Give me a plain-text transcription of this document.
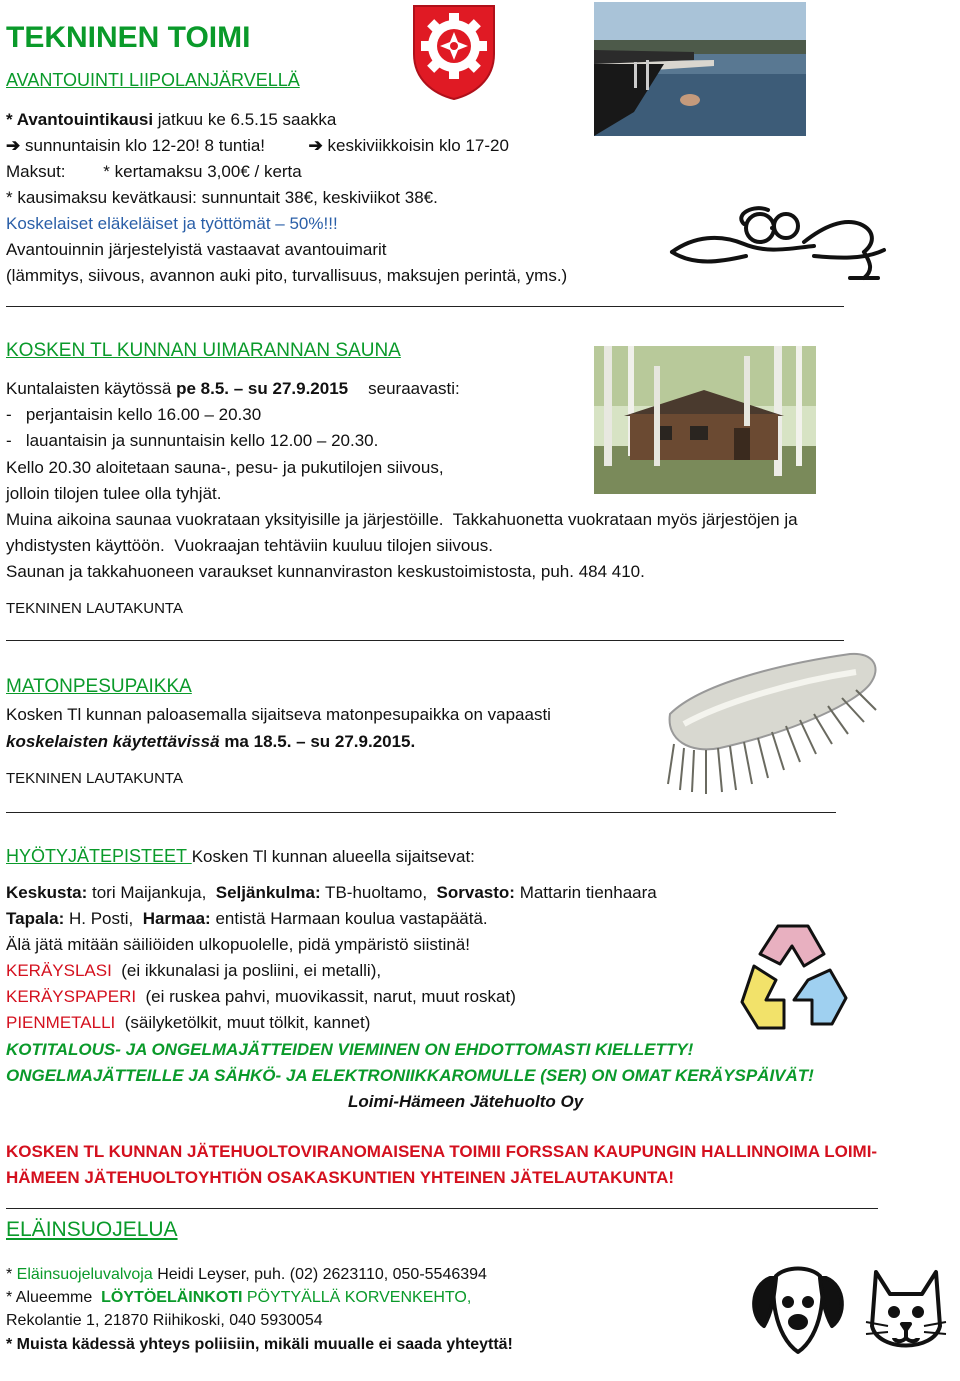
TEKNINEN TOIMI
AVANTOUINTI LIIPOLANJÄRVELLÄ
* Avantouintikausi jatkuu ke 6.5.15 saakka
➔ sunnuntaisin klo 12-20! 8 tuntia!	➔ keskiviikkoisin klo 17-20
Maksut:        * kertamaksu 3,00€ / kerta
* kausimaksu kevätkausi: sunnuntait 38€, keskiviikot 38€.
Koskelaiset eläkeläiset ja työttömät – 50%!!!
Avantouinnin järjestelyistä vastaavat avantouimarit
(lämmitys, siivous, avannon auki pito, turvallisuus, maksujen perintä, yms.)
KOSKEN TL KUNNAN UIMARANNAN SAUNA
Kuntalaisten käytössä pe 8.5. – su 27.9.2015 seuraavasti:
-   perjantaisin kello 16.00 – 20.30
-   lauantaisin ja sunnuntaisin kello 12.00 – 20.30.
Kello 20.30 aloitetaan sauna-, pesu- ja pukutilojen siivous,
jolloin tilojen tulee olla tyhjät.
Muina aikoina saunaa vuokrataan yksityisille ja järjestöille.  Takkahuonetta vuokrataan myös järjestöjen ja
yhdistysten käyttöön.  Vuokraajan tehtäviin kuuluu tilojen siivous.
Saunan ja takkahuoneen varaukset kunnanviraston keskustoimistosta, puh. 484 410.
TEKNINEN LAUTAKUNTA
MATONPESUPAIKKA
Kosken Tl kunnan paloasemalla sijaitseva matonpesupaikka on vapaasti
koskelaisten käytettävissä ma 18.5. – su 27.9.2015.
TEKNINEN LAUTAKUNTA
HYÖTYJÄTEPISTEET Kosken Tl kunnan alueella sijaitsevat:
Keskusta: tori Maijankuja,  Seljänkulma: TB-huoltamo,  Sorvasto: Mattarin tienhaara
Tapala: H. Posti,  Harmaa: entistä Harmaan koulua vastapäätä.
Älä jätä mitään säiliöiden ulkopuolelle, pidä ympäristö siistinä!
KERÄYSLASI  (ei ikkunalasi ja posliini, ei metalli),
KERÄYSPAPERI  (ei ruskea pahvi, muovikassit, narut, muut roskat)
PIENMETALLI  (säilyketölkit, muut tölkit, kannet)
KOTITALOUS- JA ONGELMAJÄTTEIDEN VIEMINEN ON EHDOTTOMASTI KIELLETTY!
ONGELMAJÄTTEILLE JA SÄHKÖ- JA ELEKTRONIIKKAROMULLE (SER) ON OMAT KERÄYSPÄIVÄT!
Loimi-Hämeen Jätehuolto Oy
KOSKEN TL KUNNAN JÄTEHUOLTOVIRANOMAISENA TOIMII FORSSAN KAUPUNGIN HALLINNOIMA LOIMI-
HÄMEEN JÄTEHUOLTOYHTIÖN OSAKASKUNTIEN YHTEINEN JÄTELAUTAKUNTA!
ELÄINSUOJELUA
* Eläinsuojeluvalvoja Heidi Leyser, puh. (02) 2623110, 050-5546394
* Alueemme  LÖYTÖELÄINKOTI PÖYTYÄLLÄ KORVENKEHTO,
Rekolantie 1, 21870 Riihikoski, 040 5930054
* Muista kädessä yhteys poliisiin, mikäli muualle ei saada yhteyttä!
